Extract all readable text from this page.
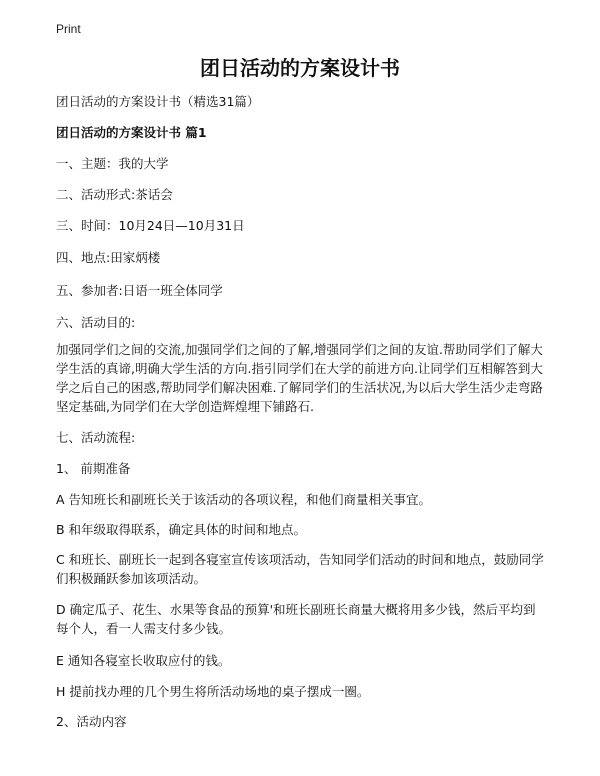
Print
团日活动的方案设计书
团日活动的方案设计书（精选31篇）
团日活动的方案设计书 篇1
一、主题：我的大学
二、活动形式:茶话会
三、时间：10月24日—10月31日
四、地点:田家炳楼
五、参加者:日语一班全体同学
六、活动目的:
加强同学们之间的交流,加强同学们之间的了解,增强同学们之间的友谊.帮助同学们了解大学生活的真谛,明确大学生活的方向.指引同学们在大学的前进方向.让同学们互相解答到大学之后自己的困惑,帮助同学们解决困难.了解同学们的生活状况,为以后大学生活少走弯路坚定基础,为同学们在大学创造辉煌埋下铺路石.
七、活动流程:
1、 前期准备
A 告知班长和副班长关于该活动的各项议程，和他们商量相关事宜。
B 和年级取得联系，确定具体的时间和地点。
C 和班长、副班长一起到各寝室宣传该项活动，告知同学们活动的时间和地点，鼓励同学们积极踊跃参加该项活动。
D 确定瓜子、花生、水果等食品的预算'和班长副班长商量大概将用多少钱，然后平均到每个人，看一人需支付多少钱。
E 通知各寝室长收取应付的钱。
H 提前找办理的几个男生将所活动场地的桌子摆成一圈。
2、活动内容
